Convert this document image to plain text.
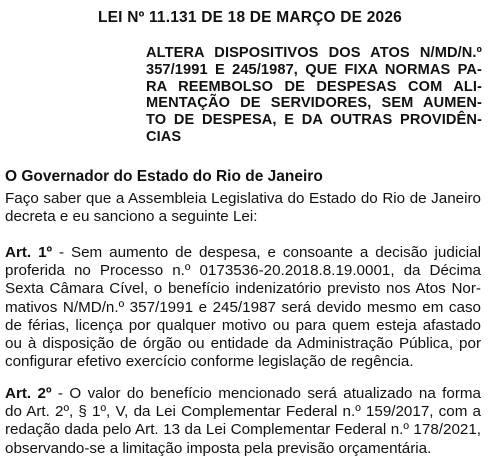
LEI Nº 11.131 DE 18 DE MARÇO DE 2026
ALTERA DISPOSITIVOS DOS ATOS N/MD/N.º
357/1991 E 245/1987, QUE FIXA NORMAS PA-
RA REEMBOLSO DE DESPESAS COM ALI-
MENTAÇÃO DE SERVIDORES, SEM AUMEN-
TO DE DESPESA, E DA OUTRAS PROVIDÊN-
CIAS
O Governador do Estado do Rio de Janeiro
Faço saber que a Assembleia Legislativa do Estado do Rio de Janeiro
decreta e eu sanciono a seguinte Lei:
Art. 1º - Sem aumento de despesa, e consoante a decisão judicial
proferida no Processo n.º 0173536-20.2018.8.19.0001, da Décima
Sexta Câmara Cível, o benefício indenizatório previsto nos Atos Nor-
mativos N/MD/n.º 357/1991 e 245/1987 será devido mesmo em caso
de férias, licença por qualquer motivo ou para quem esteja afastado
ou à disposição de órgão ou entidade da Administração Pública, por
configurar efetivo exercício conforme legislação de regência.
Art. 2º - O valor do benefício mencionado será atualizado na forma
do Art. 2º, § 1º, V, da Lei Complementar Federal n.º 159/2017, com a
redação dada pelo Art. 13 da Lei Complementar Federal n.º 178/2021,
observando-se a limitação imposta pela previsão orçamentária.
